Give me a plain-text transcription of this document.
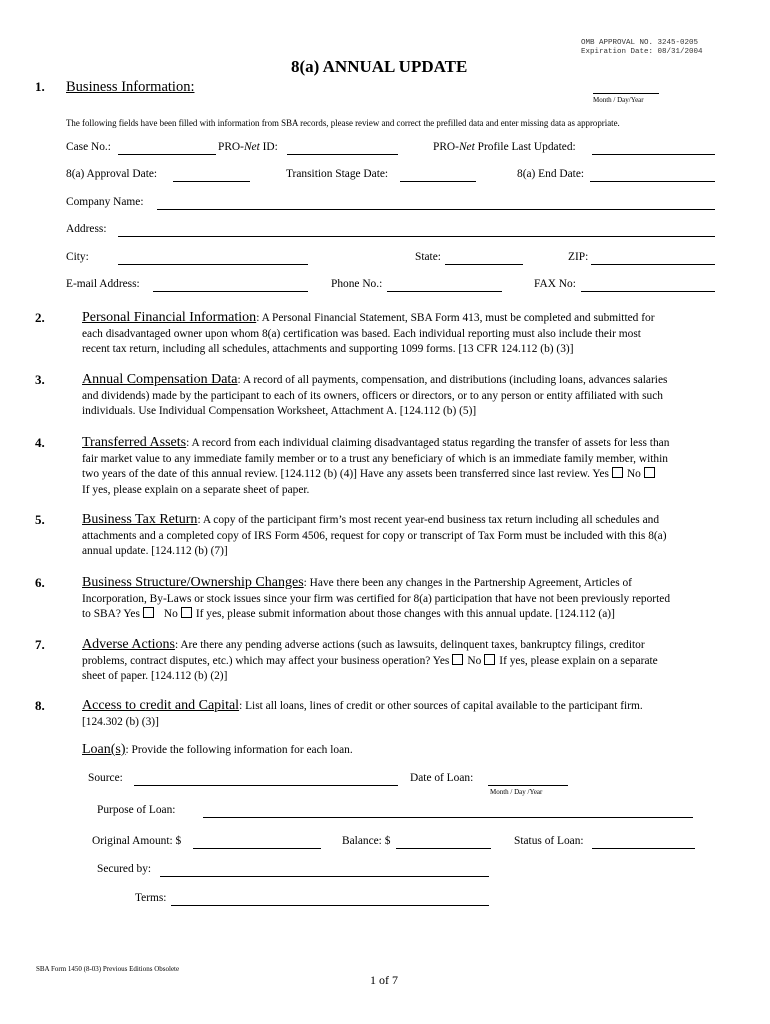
OMB APPROVAL NO. 3245-0205
Expiration Date: 08/31/2004
8(a) ANNUAL UPDATE
1. Business Information:
Month / Day/Year
The following fields have been filled with information from SBA records, please review and correct the prefilled data and enter missing data as appropriate.
Case No.:	PRO-Net ID:	PRO-Net Profile Last Updated:
8(a) Approval Date:	Transition Stage Date:	8(a) End Date:
Company Name:
Address:
City:	State:	ZIP:
E-mail Address:	Phone No.:	FAX No:
2.	Personal Financial Information: A Personal Financial Statement, SBA Form 413, must be completed and submitted for
each disadvantaged owner upon whom 8(a) certification was based. Each individual reporting must also include their most
recent tax return, including all schedules, attachments and supporting 1099 forms. [13 CFR 124.112 (b) (3)]
3.	Annual Compensation Data: A record of all payments, compensation, and distributions (including loans, advances salaries
and dividends) made by the participant to each of its owners, officers or directors, or to any person or entity affiliated with such
individuals. Use Individual Compensation Worksheet, Attachment A. [124.112 (b) (5)]
4.	Transferred Assets: A record from each individual claiming disadvantaged status regarding the transfer of assets for less than
fair market value to any immediate family member or to a trust any beneficiary of which is an immediate family member, within
two years of the date of this annual review. [124.112 (b) (4)] Have any assets been transferred since last review. Yes No
If yes, please explain on a separate sheet of paper.
5.	Business Tax Return: A copy of the participant firm’s most recent year-end business tax return including all schedules and
attachments and a completed copy of IRS Form 4506, request for copy or transcript of Tax Form must be included with this 8(a)
annual update. [124.112 (b) (7)]
6.	Business Structure/Ownership Changes: Have there been any changes in the Partnership Agreement, Articles of
Incorporation, By-Laws or stock issues since your firm was certified for 8(a) participation that have not been previously reported
to SBA? Yes No If yes, please submit information about those changes with this annual update. [124.112 (a)]
7.	Adverse Actions: Are there any pending adverse actions (such as lawsuits, delinquent taxes, bankruptcy filings, creditor
problems, contract disputes, etc.) which may affect your business operation? Yes No If yes, please explain on a separate
sheet of paper. [124.112 (b) (2)]
8.	Access to credit and Capital: List all loans, lines of credit or other sources of capital available to the participant firm.
[124.302 (b) (3)]
Loan(s): Provide the following information for each loan.
Source:	Date of Loan:
Month / Day /Year
Purpose of Loan:
Original Amount: $	Balance: $	Status of Loan:
Secured by:
Terms:
SBA Form 1450 (8-03) Previous Editions Obsolete
1 of 7
